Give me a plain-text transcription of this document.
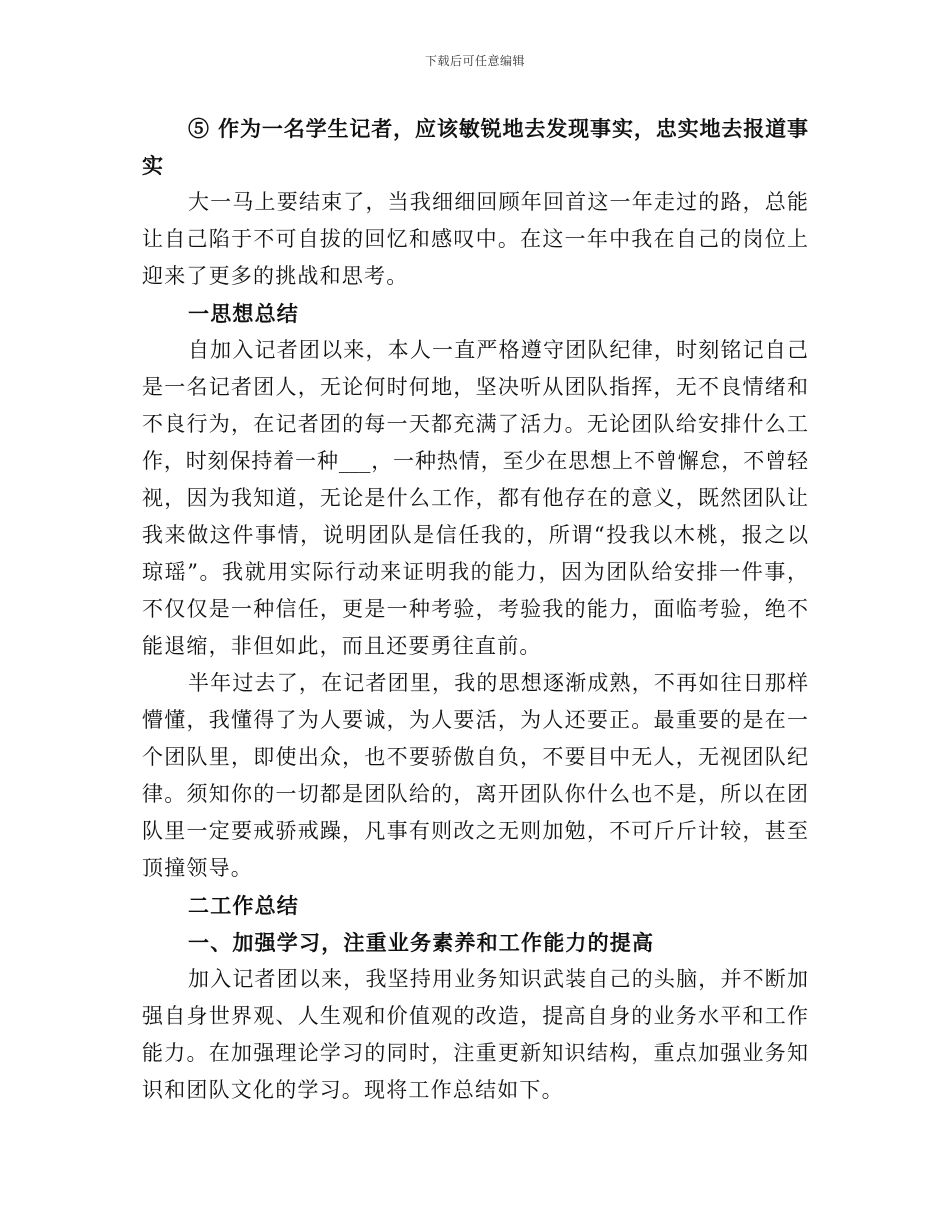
下载后可任意编辑
⑤ 作为一名学生记者，应该敏锐地去发现事实，忠实地去报道事
实
大一马上要结束了，当我细细回顾年回首这一年走过的路，总能
让自己陷于不可自拔的回忆和感叹中。在这一年中我在自己的岗位上
迎来了更多的挑战和思考。
一思想总结
自加入记者团以来，本人一直严格遵守团队纪律，时刻铭记自己
是一名记者团人，无论何时何地，坚决听从团队指挥，无不良情绪和
不良行为，在记者团的每一天都充满了活力。无论团队给安排什么工
作，时刻保持着一种___，一种热情，至少在思想上不曾懈怠，不曾轻
视，因为我知道，无论是什么工作，都有他存在的意义，既然团队让
我来做这件事情，说明团队是信任我的，所谓“投我以木桃，报之以
琼瑶”。我就用实际行动来证明我的能力，因为团队给安排一件事，
不仅仅是一种信任，更是一种考验，考验我的能力，面临考验，绝不
能退缩，非但如此，而且还要勇往直前。
半年过去了，在记者团里，我的思想逐渐成熟，不再如往日那样
懵懂，我懂得了为人要诚，为人要活，为人还要正。最重要的是在一
个团队里，即使出众，也不要骄傲自负，不要目中无人，无视团队纪
律。须知你的一切都是团队给的，离开团队你什么也不是，所以在团
队里一定要戒骄戒躁，凡事有则改之无则加勉，不可斤斤计较，甚至
顶撞领导。
二工作总结
一、加强学习，注重业务素养和工作能力的提高
加入记者团以来，我坚持用业务知识武装自己的头脑，并不断加
强自身世界观、人生观和价值观的改造，提高自身的业务水平和工作
能力。在加强理论学习的同时，注重更新知识结构，重点加强业务知
识和团队文化的学习。现将工作总结如下。
